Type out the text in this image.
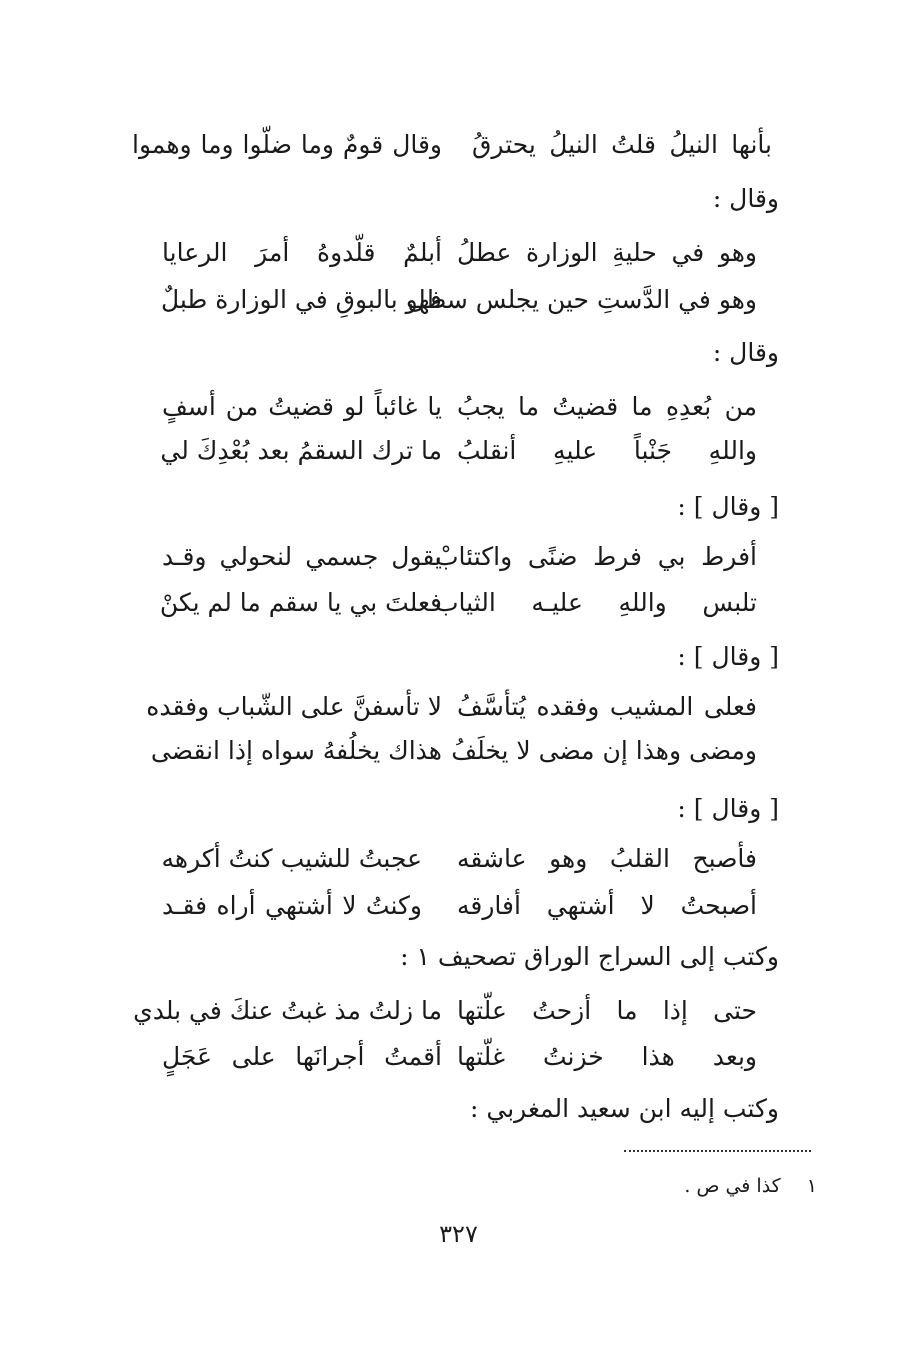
وقال قومٌ وما ضلّوا وما وهموا بأنها النيلُ قلتُ النيلُ يحترقُ
وقال :
أبلمٌ قلّدوهُ أمرَ الرعايا وهو في حليةِ الوزارة عطلُ
فهو بالبوقِ في الوزارة طبلٌ
وهو في الدَّستِ حين يجلس سطل
وقال :
يا غائباً لو قضيتُ من أسفٍ من بُعدِهِ ما قضيتُ ما يجبُ
ما ترك السقمُ بعد بُعْدِكَ لي واللهِ جَنْباً عليهِ أنقلبُ
[ وقال ] :
يقول جسمي لنحولي وقـد
أفرط بي فرط ضنًى واكتئابْ
فعلتَ بي يا سقم ما لم يكنْ
تلبس واللهِ عليـه الثياب
[ وقال ] :
لا تأسفنَّ على الشّباب وفقده فعلى المشيب وفقده يُتأسَّفُ
هذاك يخلُفهُ سواه إذا انقضى ومضى وهذا إن مضى لا يخلَفُ
[ وقال ] :
عجبتُ للشيب كنتُ أكرهه فأصبح القلبُ وهو عاشقه
وكنتُ لا أشتهي أراه فقـد أصبحتُ لا أشتهي أفارقه
وكتب إلى السراج الوراق تصحيف ١ :
ما زلتُ مذ غبتُ عنكَ في بلدي حتى إذا ما أزحتُ علّتها
أقمتُ أجرانَها على عَجَلٍ وبعد هذا خزنتُ غلّتها
وكتب إليه ابن سعيد المغربي :
١ كذا في ص .
٣٢٧
